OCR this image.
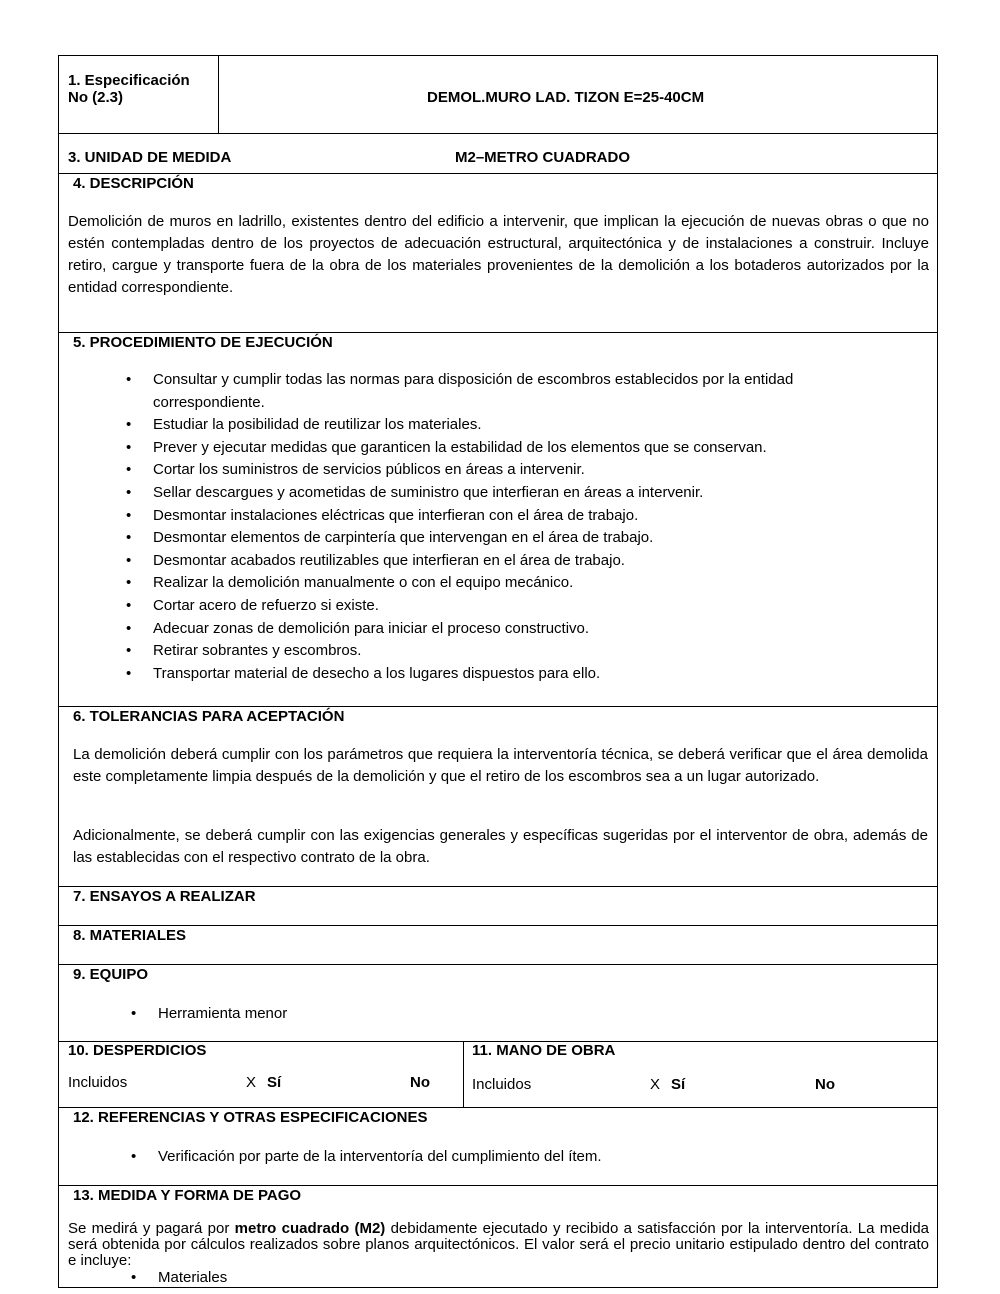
1. Especificación
No (2.3)	DEMOL.MURO LAD. TIZON E=25-40CM
3. UNIDAD DE MEDIDA	M2–METRO CUADRADO
4. DESCRIPCIÓN

Demolición de muros en ladrillo, existentes dentro del edificio a intervenir, que implican la ejecución de nuevas obras o que no estén contempladas dentro de los proyectos de adecuación estructural, arquitectónica y de instalaciones a construir. Incluye retiro, cargue y transporte fuera de la obra de los materiales provenientes de la demolición a los botaderos autorizados por la entidad correspondiente.

5. PROCEDIMIENTO DE EJECUCIÓN
• Consultar y cumplir todas las normas para disposición de escombros establecidos por la entidad correspondiente.
• Estudiar la posibilidad de reutilizar los materiales.
• Prever y ejecutar medidas que garanticen la estabilidad de los elementos que se conservan.
• Cortar los suministros de servicios públicos en áreas a intervenir.
• Sellar descargues y acometidas de suministro que interfieran en áreas a intervenir.
• Desmontar instalaciones eléctricas que interfieran con el área de trabajo.
• Desmontar elementos de carpintería que intervengan en el área de trabajo.
• Desmontar acabados reutilizables que interfieran en el área de trabajo.
• Realizar la demolición manualmente o con el equipo mecánico.
• Cortar acero de refuerzo si existe.
• Adecuar zonas de demolición para iniciar el proceso constructivo.
• Retirar sobrantes y escombros.
• Transportar material de desecho a los lugares dispuestos para ello.
6. TOLERANCIAS PARA ACEPTACIÓN

La demolición deberá cumplir con los parámetros que requiera la interventoría técnica, se deberá verificar que el área demolida este completamente limpia después de la demolición y que el retiro de los escombros sea a un lugar autorizado.

Adicionalmente, se deberá cumplir con las exigencias generales y específicas sugeridas por el interventor de obra, además de las establecidas con el respectivo contrato de la obra.

7. ENSAYOS A REALIZAR
8. MATERIALES
9. EQUIPO
• Herramienta menor
10. DESPERDICIOS
Incluidos	X Sí	No
11. MANO DE OBRA
Incluidos	X Sí	No
12. REFERENCIAS Y OTRAS ESPECIFICACIONES
• Verificación por parte de la interventoría del cumplimiento del ítem.
13. MEDIDA Y FORMA DE PAGO

Se medirá y pagará por metro cuadrado (M2) debidamente ejecutado y recibido a satisfacción por la interventoría. La medida será obtenida por cálculos realizados sobre planos arquitectónicos. El valor será el precio unitario estipulado dentro del contrato e incluye:

• Materiales
